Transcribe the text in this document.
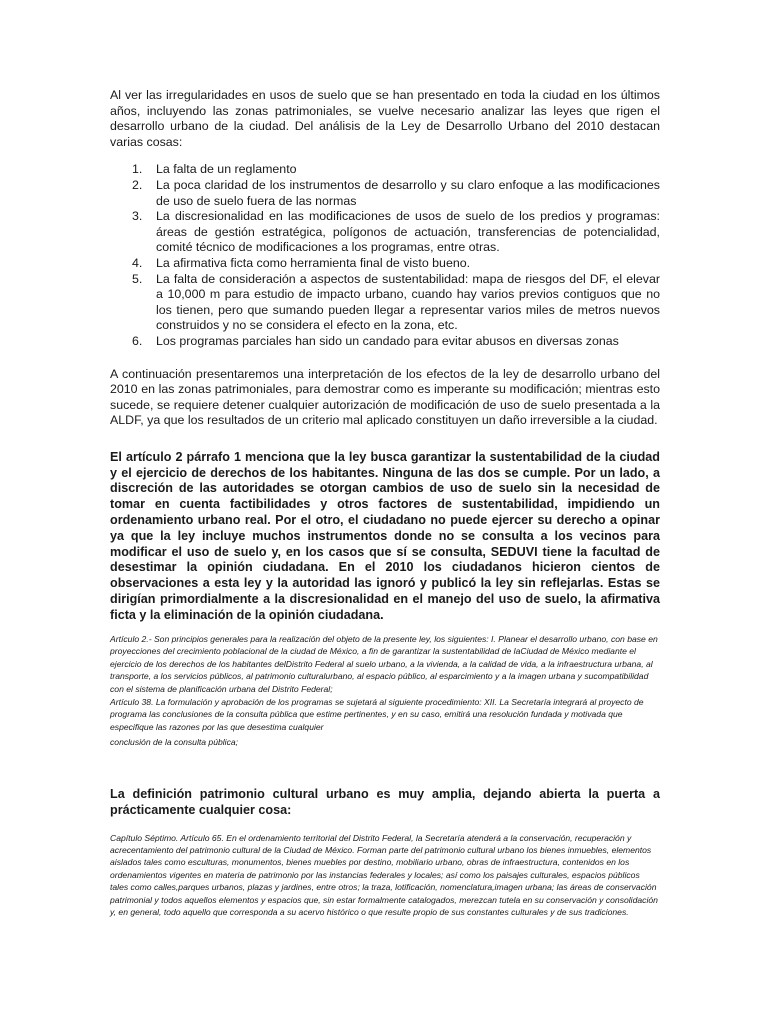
Al ver las irregularidades en usos de suelo que se han presentado en toda la ciudad en los últimos años, incluyendo las zonas patrimoniales, se vuelve necesario analizar las leyes que rigen el desarrollo urbano de la ciudad. Del análisis de la Ley de Desarrollo Urbano del 2010 destacan varias cosas:

1. La falta de un reglamento
2. La poca claridad de los instrumentos de desarrollo y su claro enfoque a las modificaciones de uso de suelo fuera de las normas
3. La discresionalidad en las modificaciones de usos de suelo de los predios y programas: áreas de gestión estratégica, polígonos de actuación, transferencias de potencialidad, comité técnico de modificaciones a los programas, entre otras.
4. La afirmativa ficta como herramienta final de visto bueno.
5. La falta de consideración a aspectos de sustentabilidad: mapa de riesgos del DF, el elevar a 10,000 m para estudio de impacto urbano, cuando hay varios previos contiguos que no los tienen, pero que sumando pueden llegar a representar varios miles de metros nuevos construidos y no se considera el efecto en la zona, etc.
6. Los programas parciales han sido un candado para evitar abusos en diversas zonas

A continuación presentaremos una interpretación de los efectos de la ley de desarrollo urbano del 2010 en las zonas patrimoniales, para demostrar como es imperante su modificación; mientras esto sucede, se requiere detener cualquier autorización de modificación de uso de suelo presentada a la ALDF, ya que los resultados de un criterio mal aplicado constituyen un daño irreversible a la ciudad.

El artículo 2 párrafo 1 menciona que la ley busca garantizar la sustentabilidad de la ciudad y el ejercicio de derechos de los habitantes. Ninguna de las dos se cumple. Por un lado, a discreción de las autoridades se otorgan cambios de uso de suelo sin la necesidad de tomar en cuenta factibilidades y otros factores de sustentabilidad, impidiendo un ordenamiento urbano real. Por el otro, el ciudadano no puede ejercer su derecho a opinar ya que la ley incluye muchos instrumentos donde no se consulta a los vecinos para modificar el uso de suelo y, en los casos que sí se consulta, SEDUVI tiene la facultad de desestimar la opinión ciudadana. En el 2010 los ciudadanos hicieron cientos de observaciones a esta ley y la autoridad las ignoró y publicó la ley sin reflejarlas. Estas se dirigían primordialmente a la discresionalidad en el manejo del uso de suelo, la afirmativa ficta y la eliminación de la opinión ciudadana.

Artículo 2.- Son principios generales para la realización del objeto de la presente ley, los siguientes: I. Planear el desarrollo urbano, con base en proyecciones del crecimiento poblacional de la ciudad de México, a fin de garantizar la sustentabilidad de laCiudad de México mediante el ejercicio de los derechos de los habitantes delDistrito Federal al suelo urbano, a la vivienda, a la calidad de vida, a la infraestructura urbana, al transporte, a los servicios públicos, al patrimonio culturalurbano, al espacio público, al esparcimiento y a la imagen urbana y sucompatibilidad con el sistema de planificación urbana del Distrito Federal;

Artículo 38. La formulación y aprobación de los programas se sujetará al siguiente procedimiento: XII. La Secretaría integrará al proyecto de programa las conclusiones de la consulta pública que estime pertinentes, y en su caso, emitirá una resolución fundada y motivada que especifique las razones por las que desestima cualquier

conclusión de la consulta pública;

La definición patrimonio cultural urbano es muy amplia, dejando abierta la puerta a prácticamente cualquier cosa:

Capítulo Séptimo. Artículo 65. En el ordenamiento territorial del Distrito Federal, la Secretaría atenderá a la conservación, recuperación y acrecentamiento del patrimonio cultural de la Ciudad de México. Forman parte del patrimonio cultural urbano los bienes inmuebles, elementos aislados tales como esculturas, monumentos, bienes muebles por destino, mobiliario urbano, obras de infraestructura, contenidos en los ordenamientos vigentes en materia de patrimonio por las instancias federales y locales; así como los paisajes culturales, espacios públicos tales como calles,parques urbanos, plazas y jardines, entre otros; la traza, lotificación, nomenclatura,imagen urbana; las áreas de conservación patrimonial y todos aquellos elementos y espacios que, sin estar formalmente catalogados, merezcan tutela en su conservación y consolidación y, en general, todo aquello que corresponda a su acervo histórico o que resulte propio de sus constantes culturales y de sus tradiciones.
